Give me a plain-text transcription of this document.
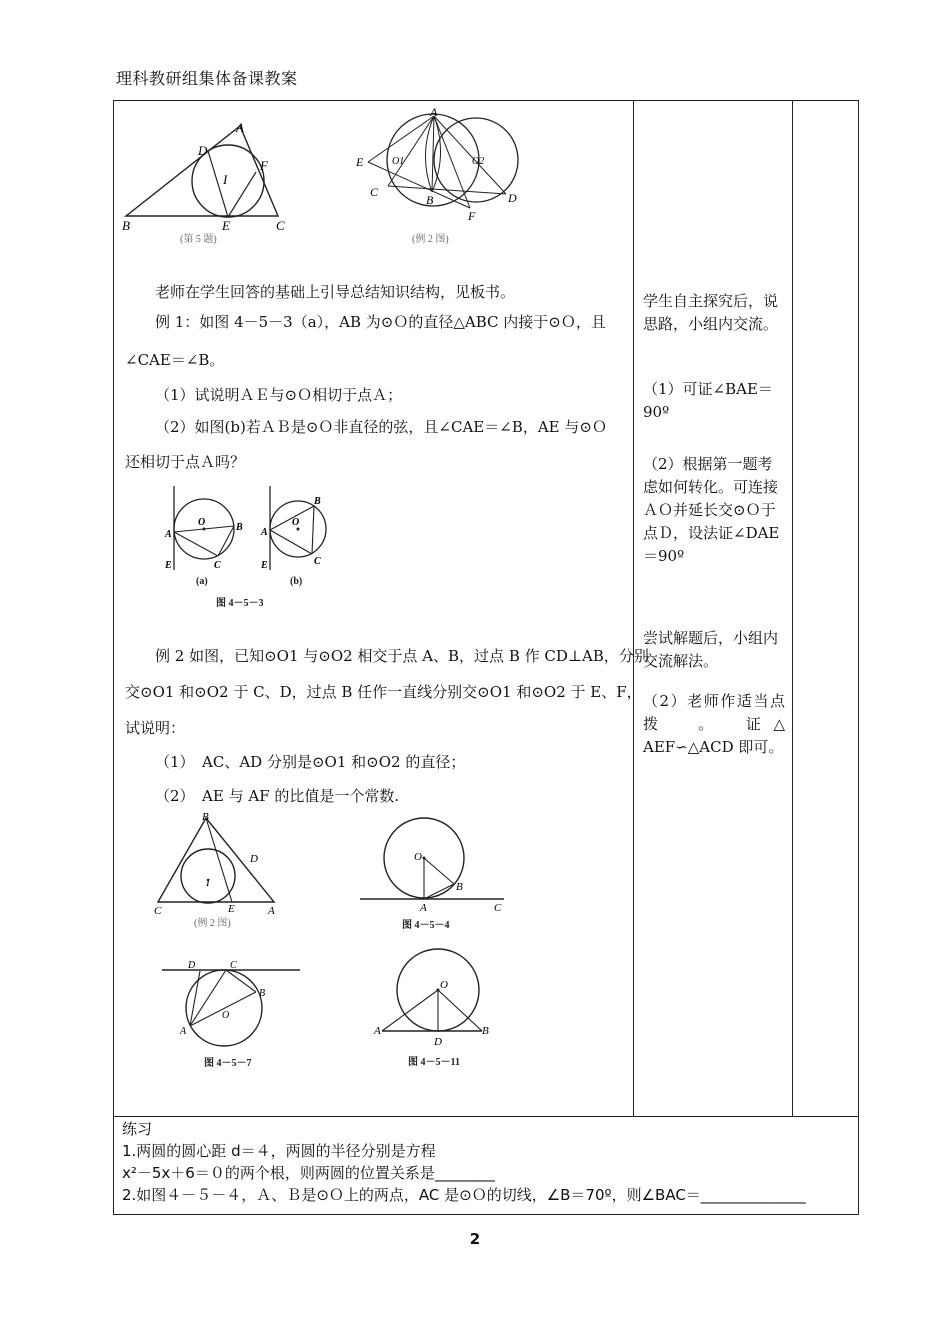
理科教研组集体备课教案
A
D
F
I
B	E	C
(第 5 题)
A
E	O1	O2
C
B
F
D
(例 2 图)
老师在学生回答的基础上引导总结知识结构，见板书。
例 1：如图 4－5－3（a），AB 为⊙Ｏ的直径△ABC 内接于⊙Ｏ，且
∠CAE＝∠B。
（1）试说明ＡＥ与⊙Ｏ相切于点Ａ；
（2）如图(b)若ＡＢ是⊙Ｏ非直径的弦，且∠CAE＝∠B，AE 与⊙Ｏ
还相切于点Ａ吗？
例 2 如图，已知⊙O1 与⊙O2 相交于点 A、B，过点 B 作 CD⊥AB，分别
交⊙O1 和⊙O2 于 C、D，过点 B 任作一直线分别交⊙O1 和⊙O2 于 E、F，
试说明：
（1）　AC、AD 分别是⊙O1 和⊙O2 的直径；
（2）　AE 与 AF 的比值是一个常数.
O
A
B
C
E
O
A
B
C
E
(a)	(b)
图 4－5－3
B
D
I
C	E	A
(例 2 图)
O
B
A	C
图 4－5－4
D	C
B
O
A
图 4－5－7
O
A
D
B
图 4－5－11

学生自主探究后，说思路，小组内交流。

（1）可证∠BAE＝90º

（2）根据第一题考虑如何转化。可连接ＡＯ并延长交⊙Ｏ于点Ｄ，设法证∠DAE＝90º

尝试解题后，小组内交流解法。

（2）老师作适当点拨　。　证△ AEF∽△ACD 即可。

练习
1.两圆的圆心距 d＝４，两圆的半径分别是方程
x²－5x＋6＝０的两个根，则两圆的位置关系是________
2.如图４－５－４，Ａ、Ｂ是⊙Ｏ上的两点，AC 是⊙Ｏ的切线，∠B＝70º，则∠BAC＝______________
2
